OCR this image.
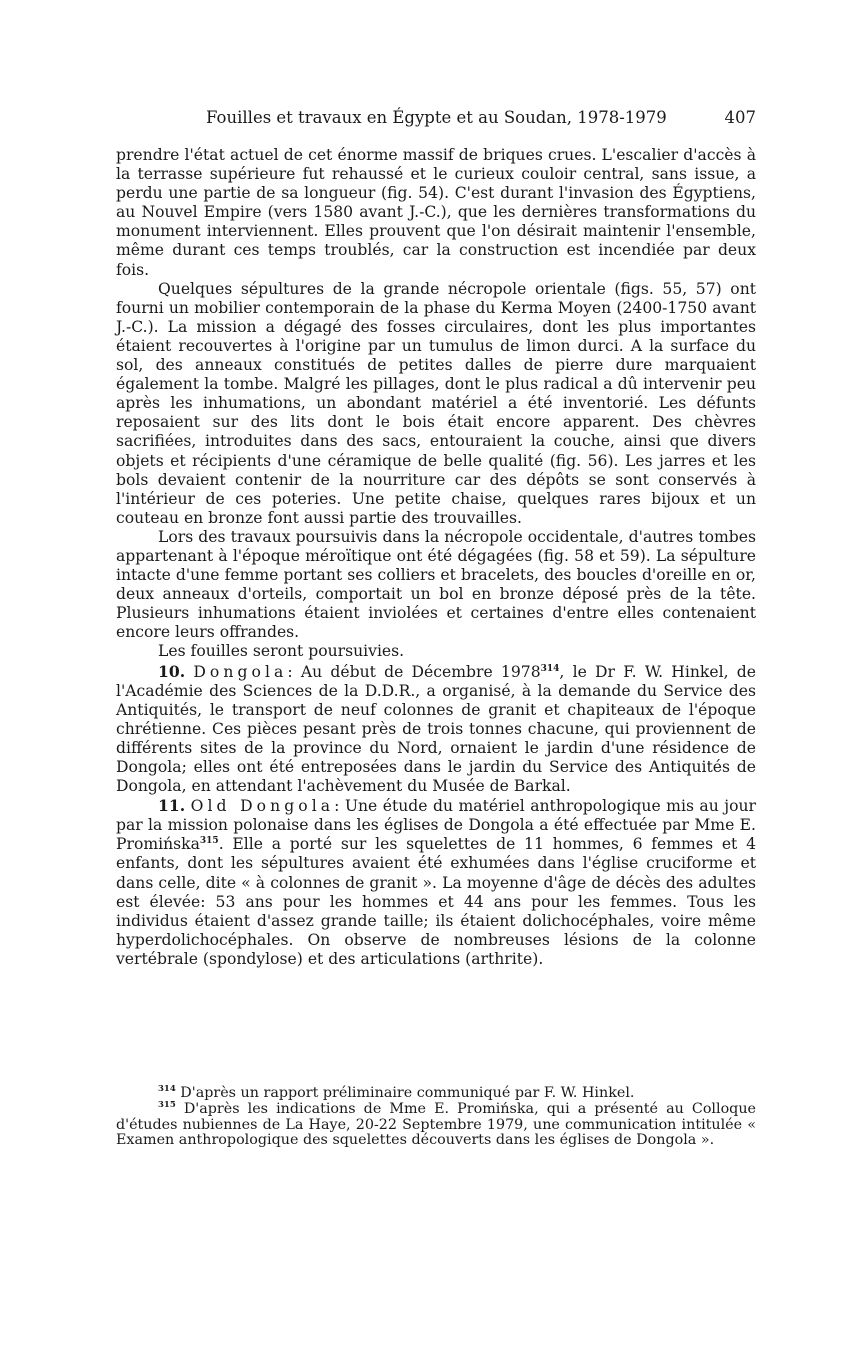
Fouilles et travaux en Égypte et au Soudan, 1978-1979	407

prendre l'état actuel de cet énorme massif de briques crues. L'escalier d'accès à la terrasse supérieure fut rehaussé et le curieux couloir central, sans issue, a perdu une partie de sa longueur (fig. 54). C'est durant l'invasion des Égyptiens, au Nouvel Empire (vers 1580 avant J.-C.), que les dernières transformations du monument interviennent. Elles prouvent que l'on désirait maintenir l'ensemble, même durant ces temps troublés, car la construction est incendiée par deux fois.

Quelques sépultures de la grande nécropole orientale (figs. 55, 57) ont fourni un mobilier contemporain de la phase du Kerma Moyen (2400-1750 avant J.-C.). La mission a dégagé des fosses circulaires, dont les plus importantes étaient recouvertes à l'origine par un tumulus de limon durci. A la surface du sol, des anneaux constitués de petites dalles de pierre dure marquaient également la tombe. Malgré les pillages, dont le plus radical a dû intervenir peu après les inhumations, un abondant matériel a été inventorié. Les défunts reposaient sur des lits dont le bois était encore apparent. Des chèvres sacrifiées, introduites dans des sacs, entouraient la couche, ainsi que divers objets et récipients d'une céramique de belle qualité (fig. 56). Les jarres et les bols devaient contenir de la nourriture car des dépôts se sont conservés à l'intérieur de ces poteries. Une petite chaise, quelques rares bijoux et un couteau en bronze font aussi partie des trouvailles.

Lors des travaux poursuivis dans la nécropole occidentale, d'autres tombes appartenant à l'époque méroïtique ont été dégagées (fig. 58 et 59). La sépulture intacte d'une femme portant ses colliers et bracelets, des boucles d'oreille en or, deux anneaux d'orteils, comportait un bol en bronze déposé près de la tête. Plusieurs inhumations étaient inviolées et certaines d'entre elles contenaient encore leurs offrandes.

Les fouilles seront poursuivies.

10. Dongola: Au début de Décembre 1978$^{314}$, le Dr F. W. Hinkel, de l'Académie des Sciences de la D.D.R., a organisé, à la demande du Service des Antiquités, le transport de neuf colonnes de granit et chapiteaux de l'époque chrétienne. Ces pièces pesant près de trois tonnes chacune, qui proviennent de différents sites de la province du Nord, ornaient le jardin d'une résidence de Dongola; elles ont été entreposées dans le jardin du Service des Antiquités de Dongola, en attendant l'achèvement du Musée de Barkal.

11. Old Dongola: Une étude du matériel anthropologique mis au jour par la mission polonaise dans les églises de Dongola a été effectuée par Mme E. Promińska$^{315}$. Elle a porté sur les squelettes de 11 hommes, 6 femmes et 4 enfants, dont les sépultures avaient été exhumées dans l'église cruciforme et dans celle, dite « à colonnes de granit ». La moyenne d'âge de décès des adultes est élevée: 53 ans pour les hommes et 44 ans pour les femmes. Tous les individus étaient d'assez grande taille; ils étaient dolichocéphales, voire même hyperdolichocéphales. On observe de nombreuses lésions de la colonne vertébrale (spondylose) et des articulations (arthrite).

$^{314}$ D'après un rapport préliminaire communiqué par F. W. Hinkel.

$^{315}$ D'après les indications de Mme E. Promińska, qui a présenté au Colloque d'études nubiennes de La Haye, 20-22 Septembre 1979, une communication intitulée « Examen anthropologique des squelettes découverts dans les églises de Dongola ».
